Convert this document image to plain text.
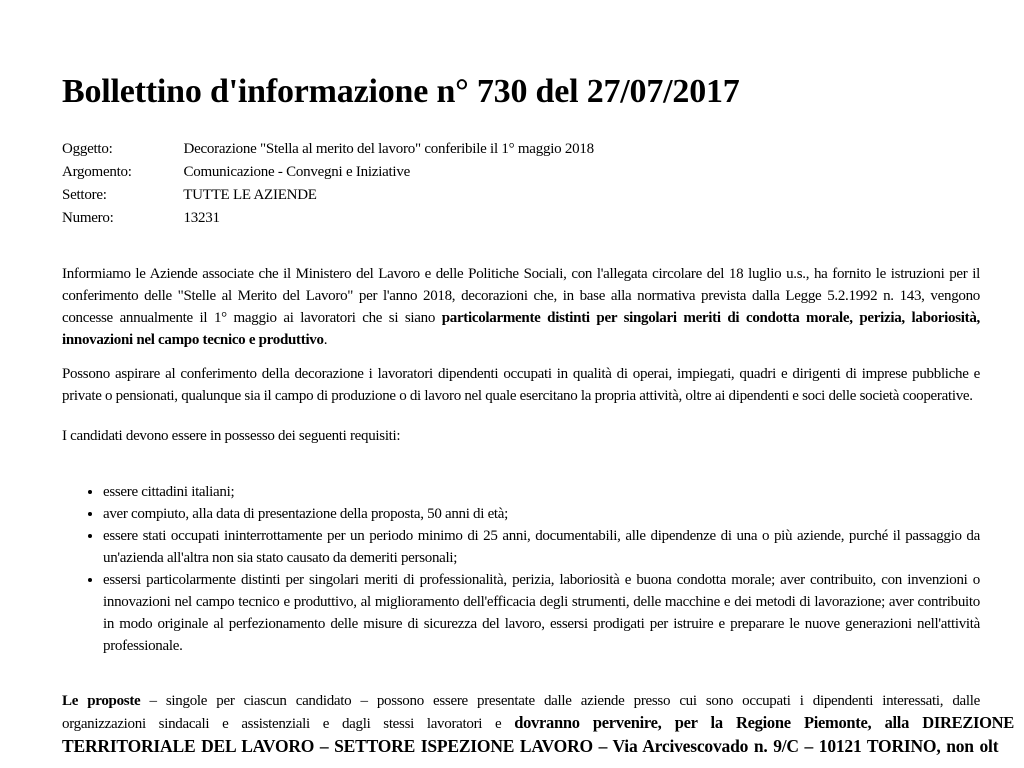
Bollettino d'informazione n° 730 del 27/07/2017
Oggetto:	Decorazione "Stella al merito del lavoro" conferibile il 1° maggio 2018
Argomento:	Comunicazione - Convegni e Iniziative
Settore:	TUTTE LE AZIENDE
Numero:	13231

Informiamo le Aziende associate che il Ministero del Lavoro e delle Politiche Sociali, con l'allegata circolare del 18 luglio u.s., ha fornito le istruzioni per il conferimento delle "Stelle al Merito del Lavoro" per l'anno 2018, decorazioni che, in base alla normativa prevista dalla Legge 5.2.1992 n. 143, vengono concesse annualmente il 1° maggio ai lavoratori che si siano particolarmente distinti per singolari meriti di condotta morale, perizia, laboriosità, innovazioni nel campo tecnico e produttivo.

Possono aspirare al conferimento della decorazione i lavoratori dipendenti occupati in qualità di operai, impiegati, quadri e dirigenti di imprese pubbliche e private o pensionati, qualunque sia il campo di produzione o di lavoro nel quale esercitano la propria attività, oltre ai dipendenti e soci delle società cooperative.

I candidati devono essere in possesso dei seguenti requisiti:

• essere cittadini italiani;
• aver compiuto, alla data di presentazione della proposta, 50 anni di età;
• essere stati occupati ininterrottamente per un periodo minimo di 25 anni, documentabili, alle dipendenze di una o più aziende, purché il passaggio da un'azienda all'altra non sia stato causato da demeriti personali;
• essersi particolarmente distinti per singolari meriti di professionalità, perizia, laboriosità e buona condotta morale; aver contribuito, con invenzioni o innovazioni nel campo tecnico e produttivo, al miglioramento dell'efficacia degli strumenti, delle macchine e dei metodi di lavorazione; aver contribuito in modo originale al perfezionamento delle misure di sicurezza del lavoro, essersi prodigati per istruire e preparare le nuove generazioni nell'attività professionale.
Le proposte – singole per ciascun candidato – possono essere presentate dalle aziende presso cui sono occupati i dipendenti interessati, dalle
organizzazioni sindacali e assistenziali e dagli stessi lavoratori e dovranno pervenire, per la Regione Piemonte, alla DIREZIONE
TERRITORIALE DEL LAVORO – SETTORE ISPEZIONE LAVORO – Via Arcivescovado n. 9/C – 10121 TORINO, non olt
